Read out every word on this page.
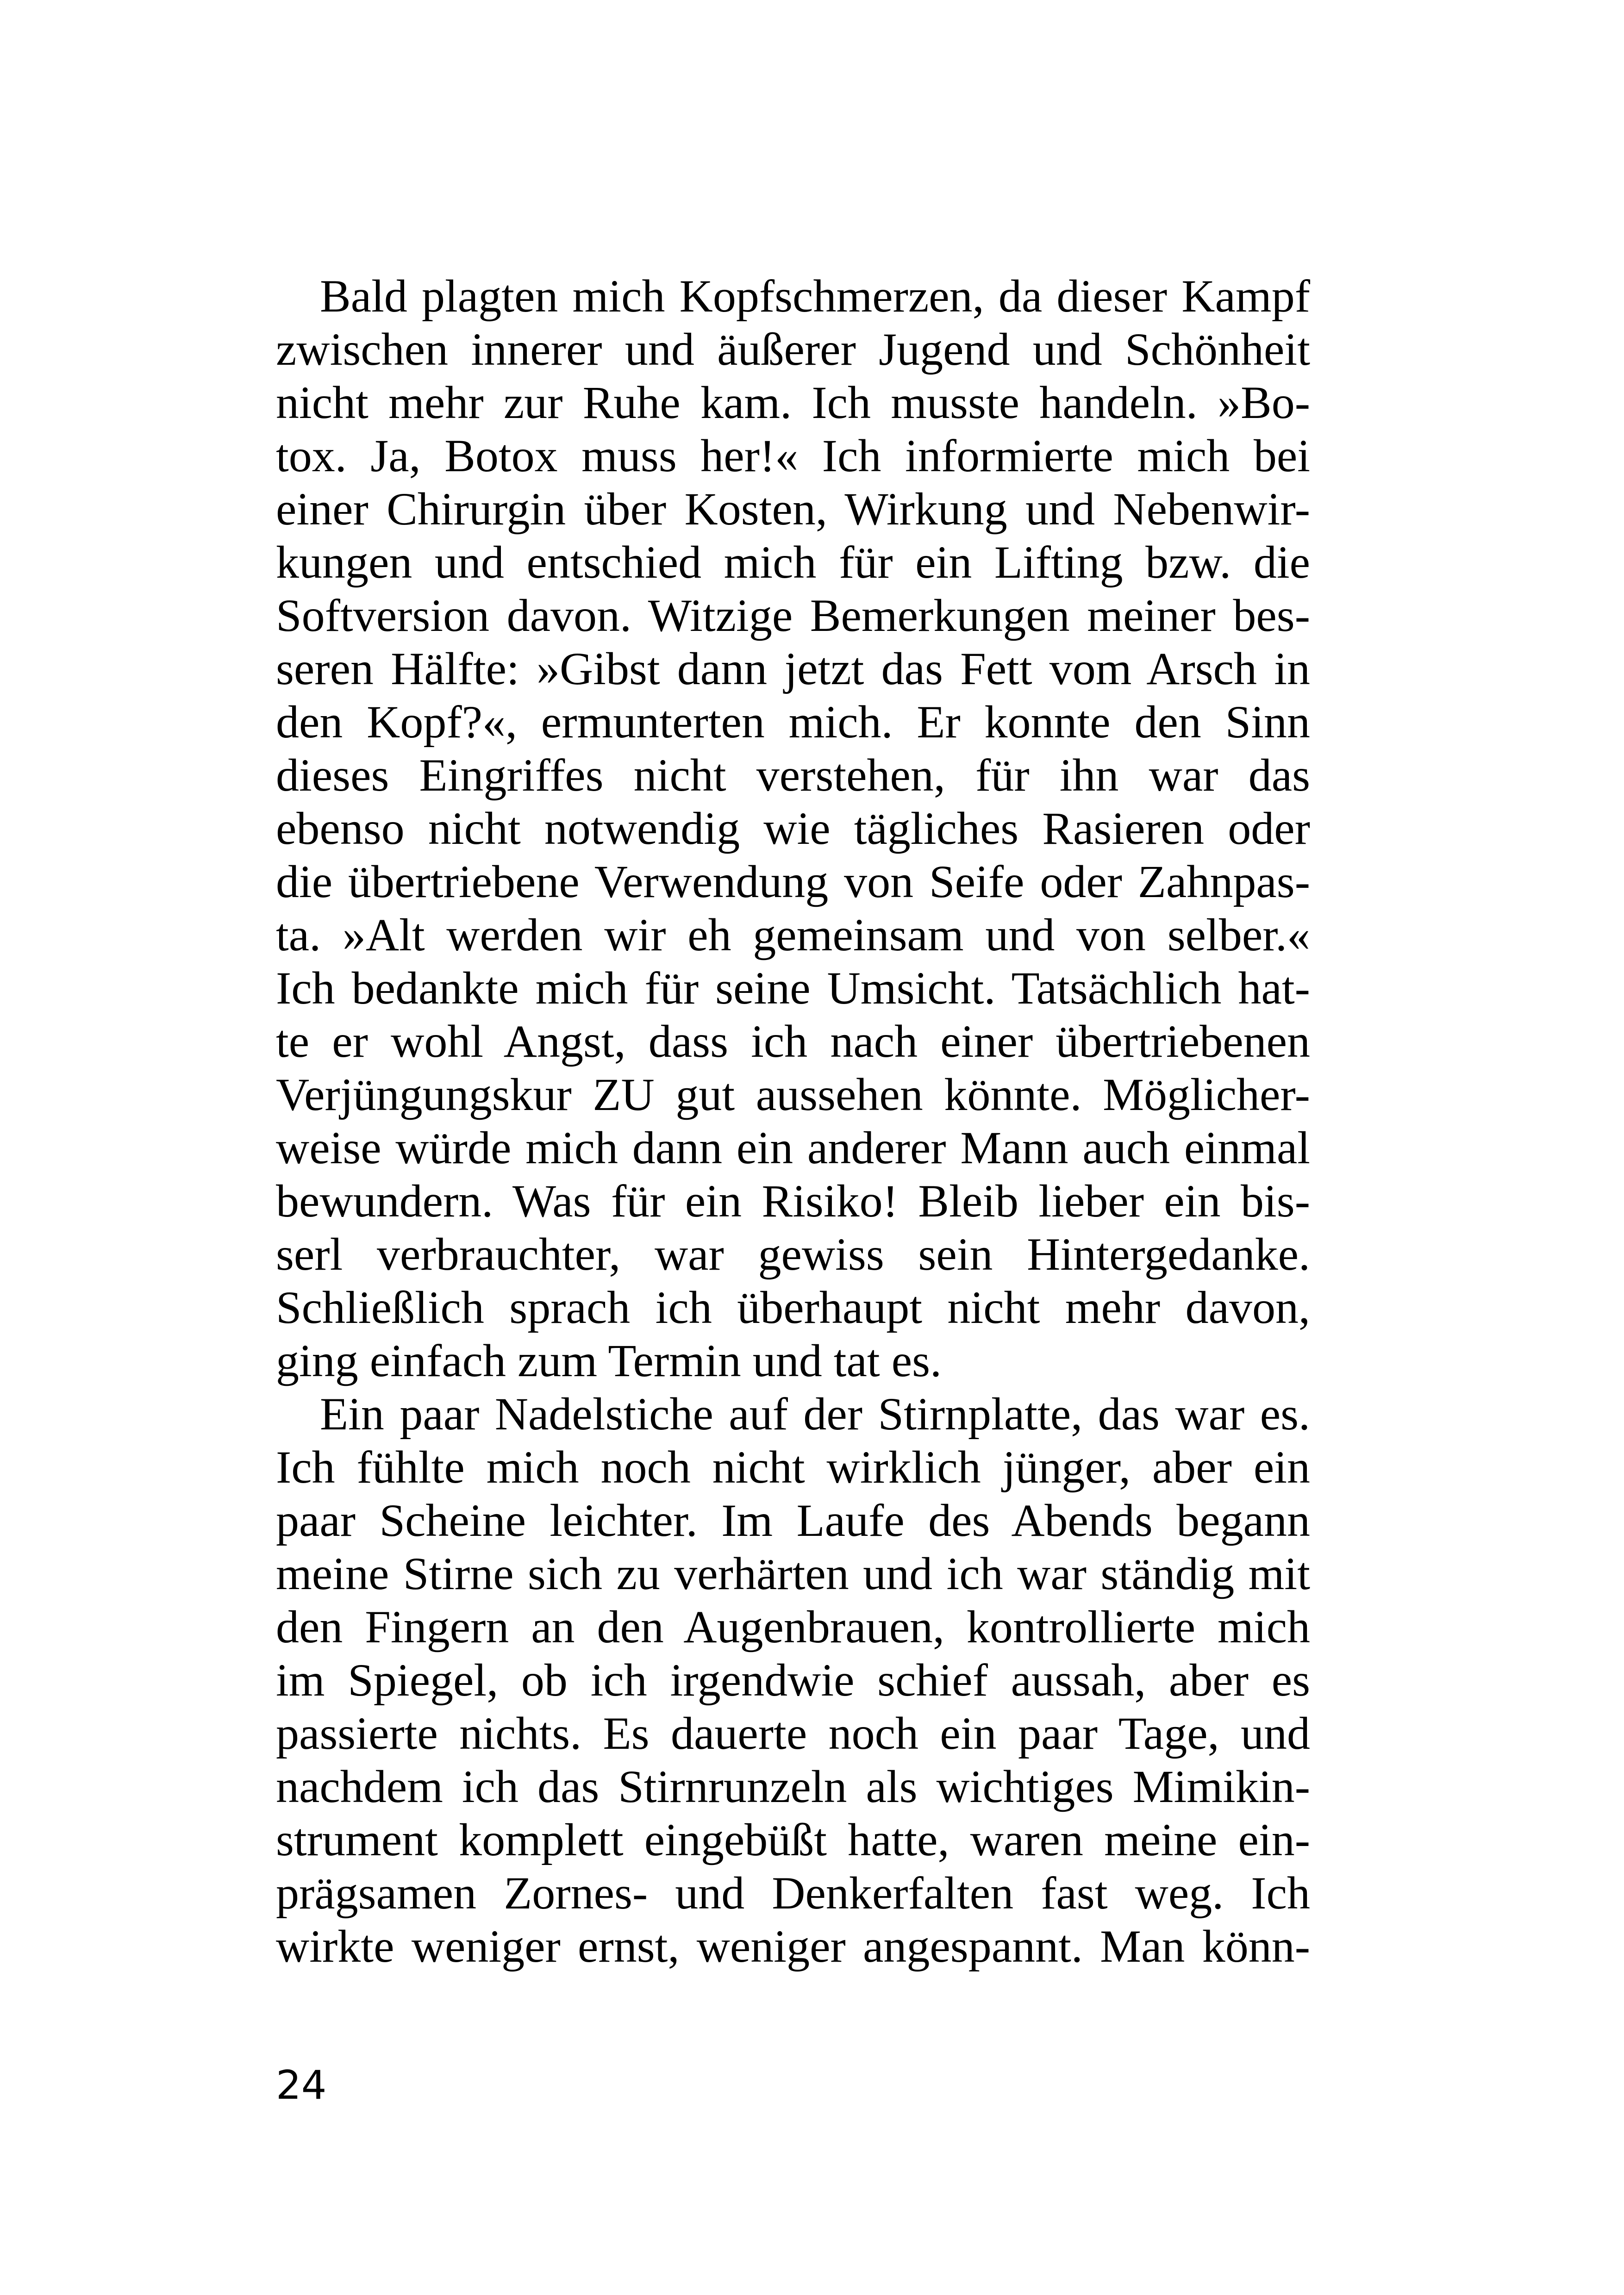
Bald plagten mich Kopfschmerzen, da dieser Kampf
zwischen innerer und äußerer Jugend und Schönheit
nicht mehr zur Ruhe kam. Ich musste handeln. »Bo-
tox. Ja, Botox muss her!« Ich informierte mich bei
einer Chirurgin über Kosten, Wirkung und Nebenwir-
kungen und entschied mich für ein Lifting bzw. die
Softversion davon. Witzige Bemerkungen meiner bes-
seren Hälfte: »Gibst dann jetzt das Fett vom Arsch in
den Kopf?«, ermunterten mich. Er konnte den Sinn
dieses Eingriffes nicht verstehen, für ihn war das
ebenso nicht notwendig wie tägliches Rasieren oder
die übertriebene Verwendung von Seife oder Zahnpas-
ta. »Alt werden wir eh gemeinsam und von selber.«
Ich bedankte mich für seine Umsicht. Tatsächlich hat-
te er wohl Angst, dass ich nach einer übertriebenen
Verjüngungskur ZU gut aussehen könnte. Möglicher-
weise würde mich dann ein anderer Mann auch einmal
bewundern. Was für ein Risiko! Bleib lieber ein bis-
serl verbrauchter, war gewiss sein Hintergedanke.
Schließlich sprach ich überhaupt nicht mehr davon,
ging einfach zum Termin und tat es.
Ein paar Nadelstiche auf der Stirnplatte, das war es.
Ich fühlte mich noch nicht wirklich jünger, aber ein
paar Scheine leichter. Im Laufe des Abends begann
meine Stirne sich zu verhärten und ich war ständig mit
den Fingern an den Augenbrauen, kontrollierte mich
im Spiegel, ob ich irgendwie schief aussah, aber es
passierte nichts. Es dauerte noch ein paar Tage, und
nachdem ich das Stirnrunzeln als wichtiges Mimikin-
strument komplett eingebüßt hatte, waren meine ein-
prägsamen Zornes- und Denkerfalten fast weg. Ich
wirkte weniger ernst, weniger angespannt. Man könn-
24
